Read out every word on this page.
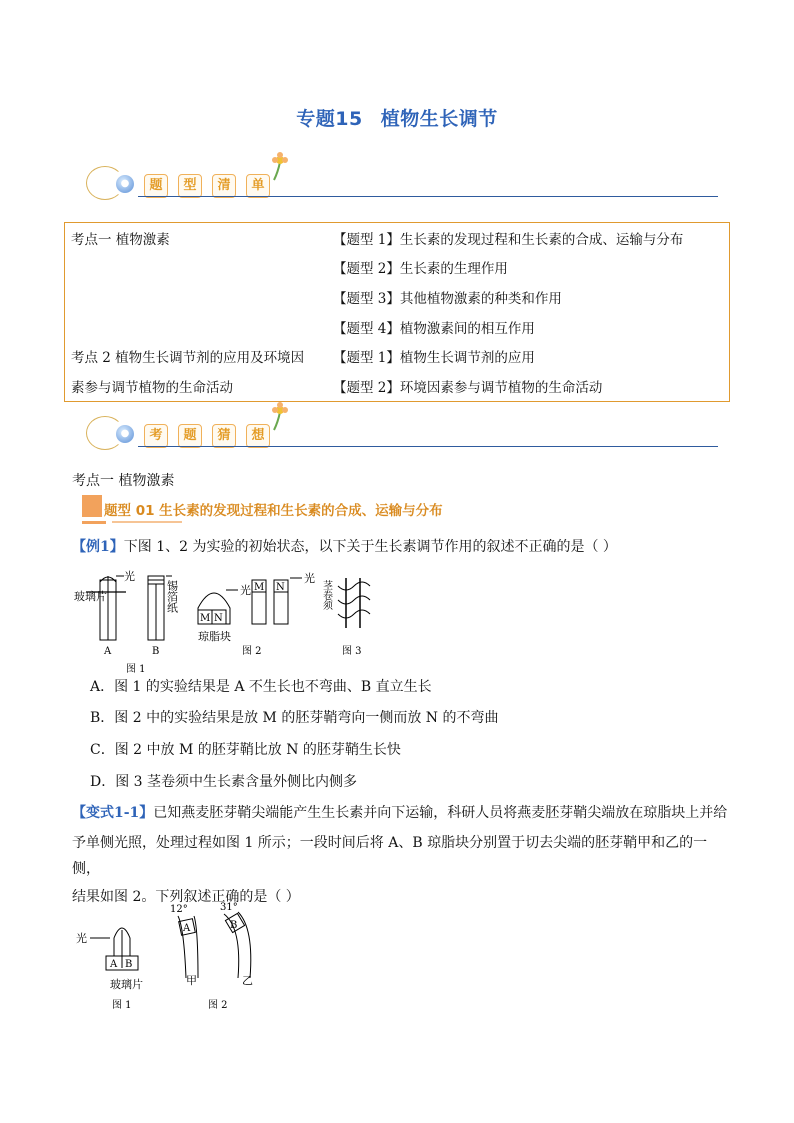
专题15 植物生长调节
●	题	型	清	单
考点一 植物激素	【题型 1】生长素的发现过程和生长素的合成、运输与分布
	【题型 2】生长素的生理作用
	【题型 3】其他植物激素的种类和作用
	【题型 4】植物激素间的相互作用
考点 2 植物生长调节剂的应用及环境因	【题型 1】植物生长调节剂的应用
素参与调节植物的生命活动	【题型 2】环境因素参与调节植物的生命活动
●	考	题	猜	想
考点一 植物激素
题型 01 生长素的发现过程和生长素的合成、运输与分布
【例1】下图 1、2 为实验的初始状态，以下关于生长素调节作用的叙述不正确的是（ ）
玻璃片
光
A	B
锡箔纸
图 1
M N
光
琼脂块
M N
光
图 2
茎卷须
图 3
A．图 1 的实验结果是 A 不生长也不弯曲、B 直立生长
B．图 2 中的实验结果是放 M 的胚芽鞘弯向一侧而放 N 的不弯曲
C．图 2 中放 M 的胚芽鞘比放 N 的胚芽鞘生长快
D．图 3 茎卷须中生长素含量外侧比内侧多
【变式1-1】已知燕麦胚芽鞘尖端能产生生长素并向下运输，科研人员将燕麦胚芽鞘尖端放在琼脂块上并给
予单侧光照，处理过程如图 1 所示；一段时间后将 A、B 琼脂块分别置于切去尖端的胚芽鞘甲和乙的一侧，
结果如图 2。下列叙述正确的是（ ）
光
A B
玻璃片
图 1
12°
A
甲
31°
B
乙
图 2
